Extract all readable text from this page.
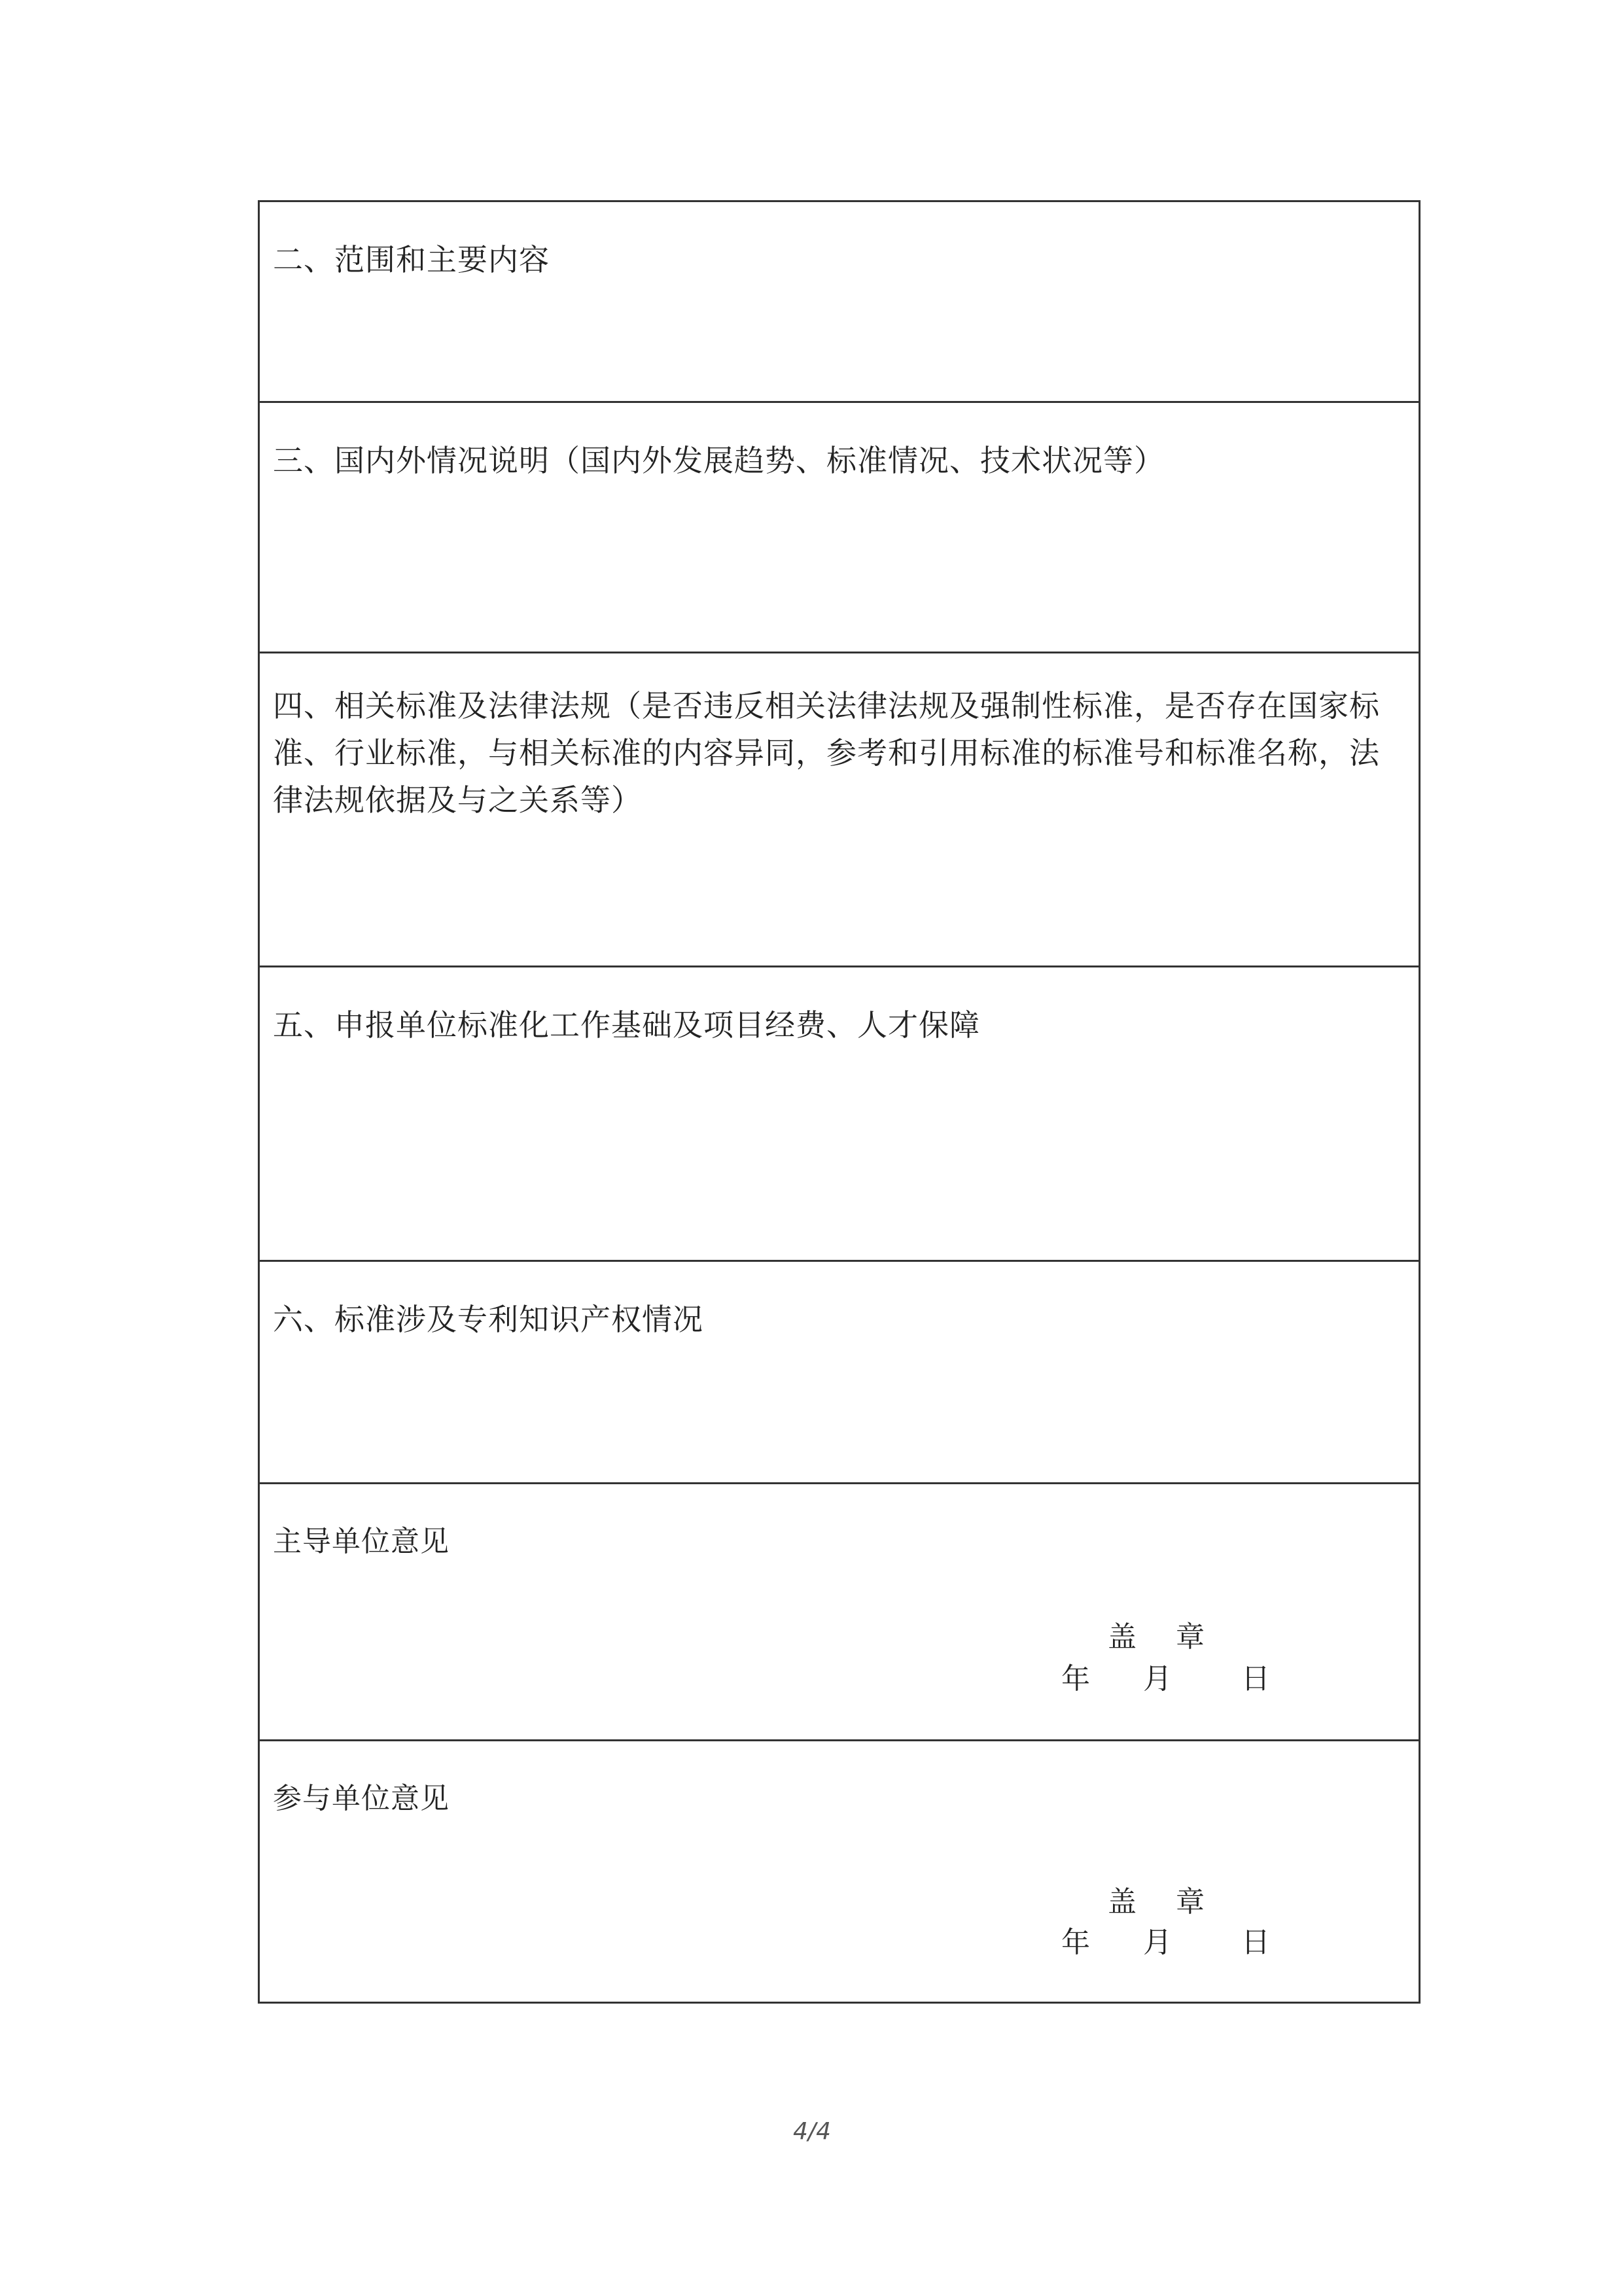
二、范围和主要内容

三、国内外情况说明（国内外发展趋势、标准情况、技术状况等）

四、相关标准及法律法规（是否违反相关法律法规及强制性标准，是否存在国家标准、行业标准，与相关标准的内容异同，参考和引用标准的标准号和标准名称，法律法规依据及与之关系等）

五、申报单位标准化工作基础及项目经费、人才保障

六、标准涉及专利知识产权情况

主导单位意见

盖章
年 月 日

参与单位意见

盖章
年 月 日
4/4
